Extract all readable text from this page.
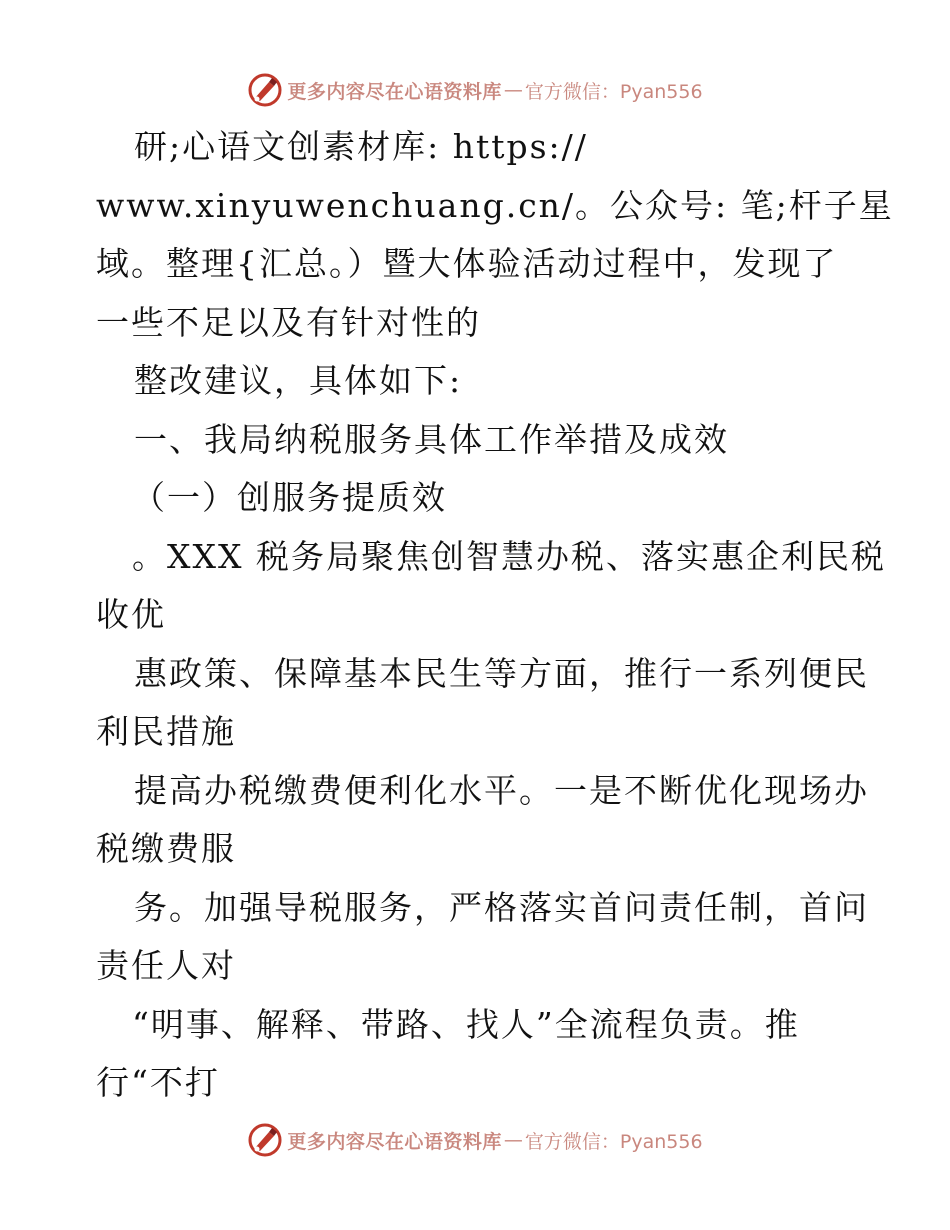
更多内容尽在心语资料库 — 官方微信：Pyan556
研;心语文创素材库: https://
www.xinyuwenchuang.cn/。公众号: 笔;杆子星
域。整理{汇总。）暨大体验活动过程中，发现了
一些不足以及有针对性的
整改建议，具体如下:
一、我局纳税服务具体工作举措及成效
（一）创服务提质效
。XXX 税务局聚焦创智慧办税、落实惠企利民税
收优
惠政策、保障基本民生等方面，推行一系列便民
利民措施
提高办税缴费便利化水平。一是不断优化现场办
税缴费服
务。加强导税服务，严格落实首问责任制，首问
责任人对
“明事、解释、带路、找人”全流程负责。推
行“不打
更多内容尽在心语资料库 — 官方微信：Pyan556
